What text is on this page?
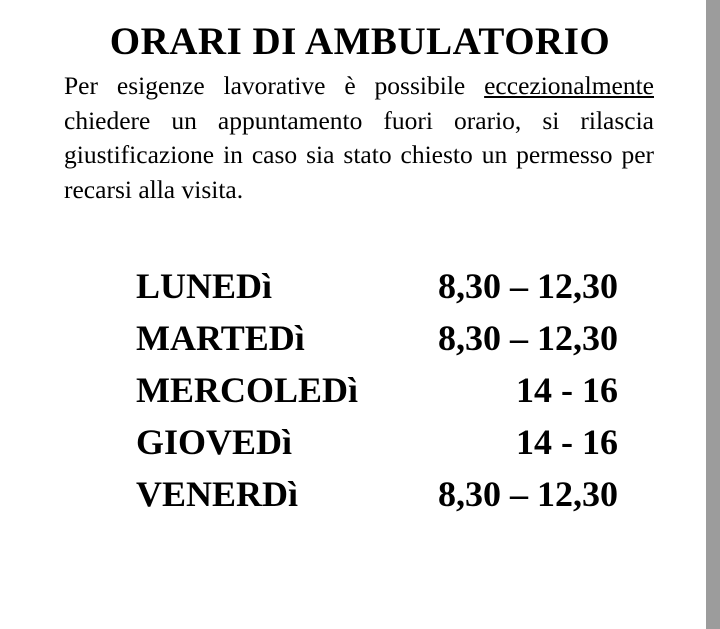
ORARI DI AMBULATORIO

Per esigenze lavorative è possibile eccezionalmente chiedere un appuntamento fuori orario, si rilascia giustificazione in caso sia stato chiesto un permesso per recarsi alla visita.

LUNEDì	8,30 – 12,30
MARTEDì	8,30 – 12,30
MERCOLEDì	14 - 16
GIOVEDì	14 - 16
VENERDì	8,30 – 12,30
